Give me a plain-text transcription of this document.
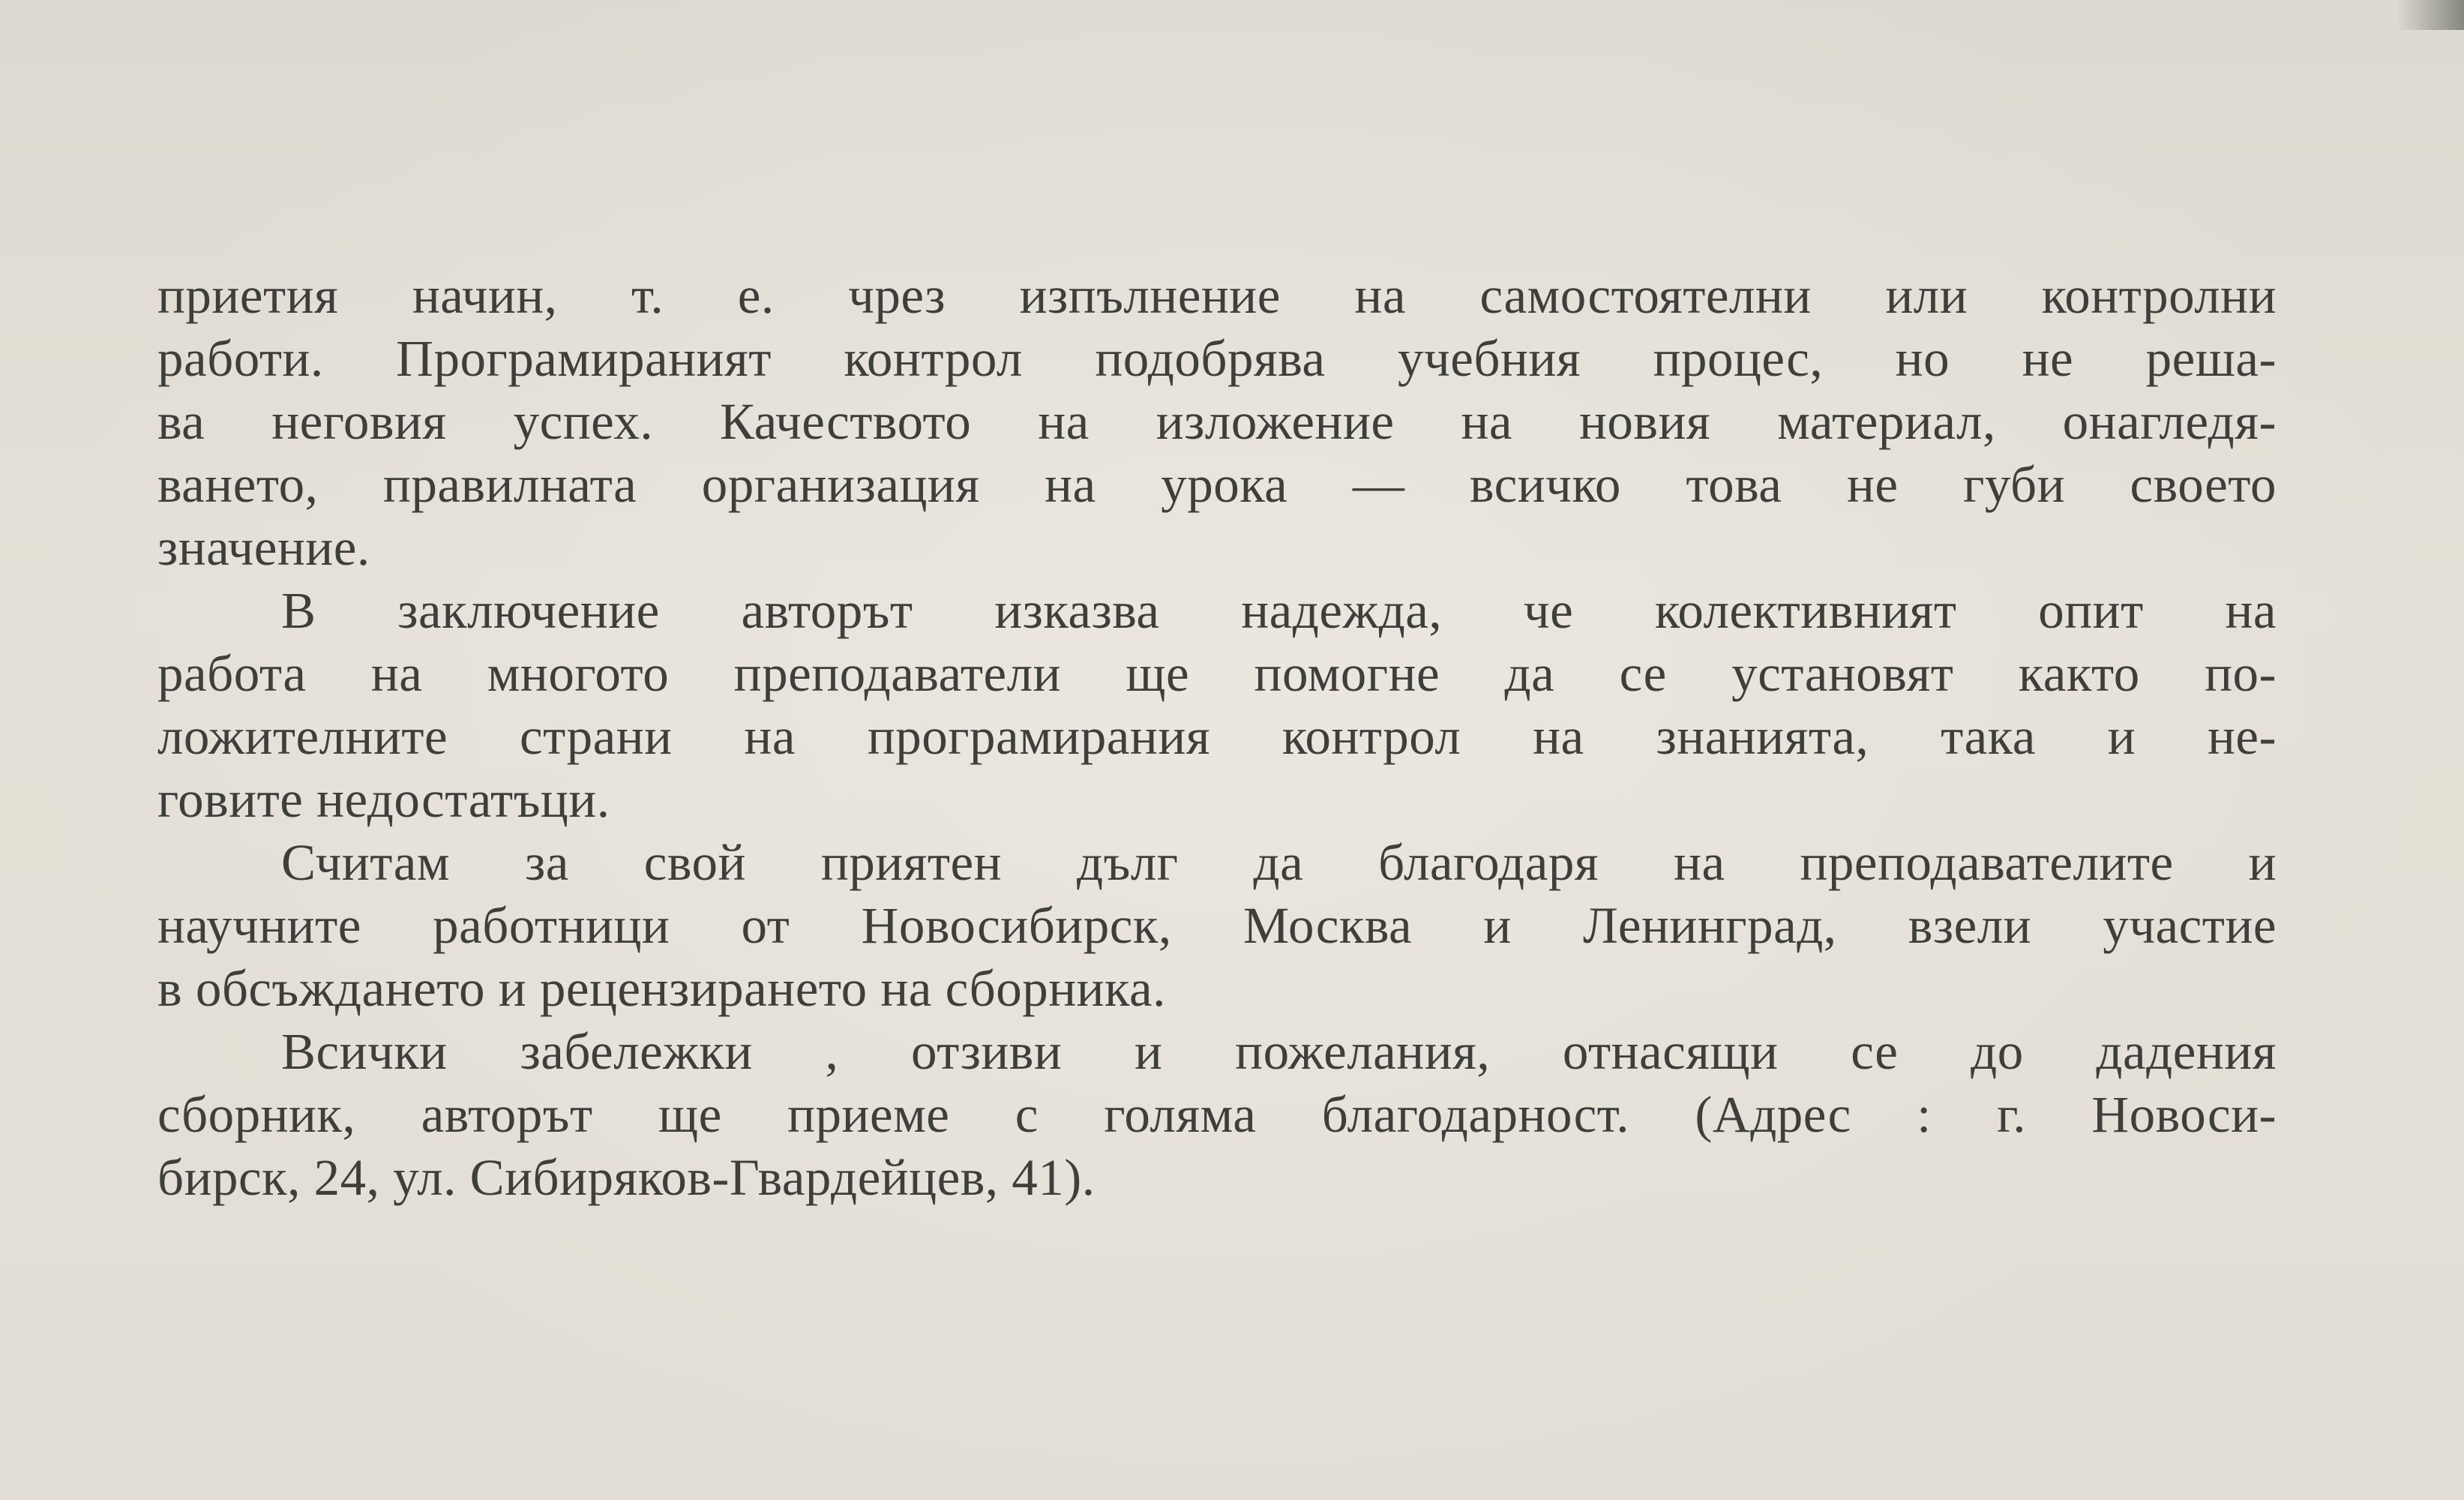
приетия начин, т. е. чрез изпълнение на самостоятелни или контролни
работи. Програмираният контрол подобрява учебния процес, но не реша-
ва неговия успех. Качеството на изложение на новия материал, онагледя-
ването, правилната организация на урока — всичко това не губи своето
значение.
В заключение авторът изказва надежда, че колективният опит на
работа на многото преподаватели ще помогне да се установят както по-
ложителните страни на програмирания контрол на знанията, така и не-
говите недостатъци.
Считам за свой приятен дълг да благодаря на преподавателите и
научните работници от Новосибирск, Москва и Ленинград, взели участие
в обсъждането и рецензирането на сборника.
Всички забележки , отзиви и пожелания, отнасящи се до дадения
сборник, авторът ще приеме с голяма благодарност. (Адрес : г. Новоси-
бирск, 24, ул. Сибиряков-Гвардейцев, 41).
